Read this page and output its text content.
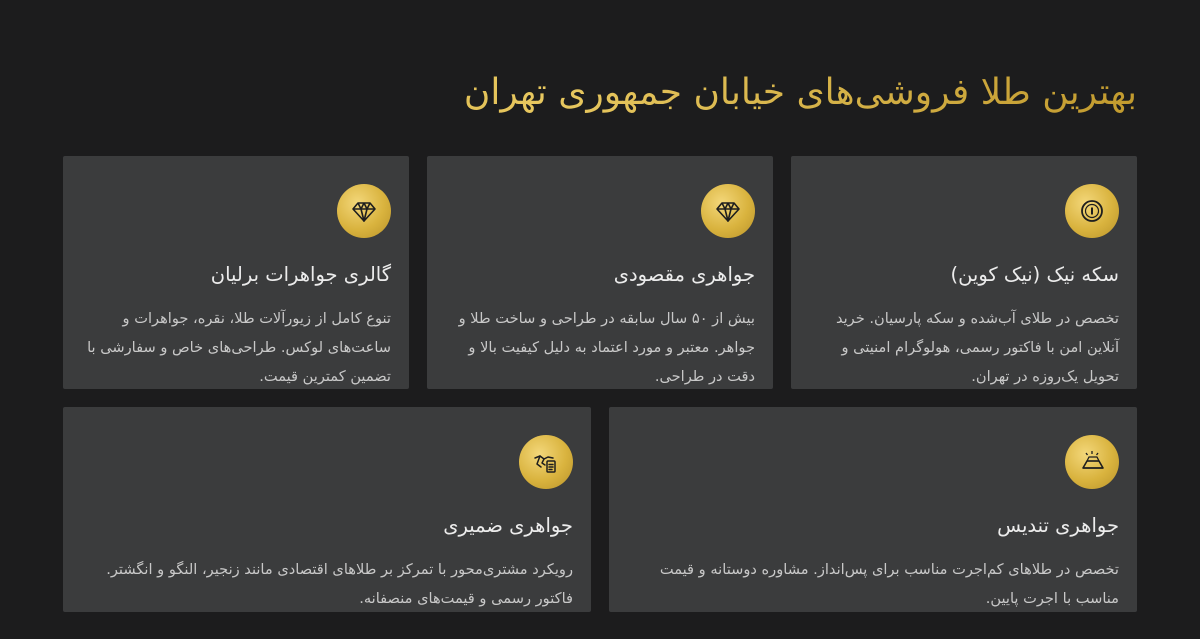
بهترین طلا فروشی‌های خیابان جمهوری تهران
سکه نیک (نیک کوین)

تخصص در طلای آب‌شده و سکه پارسیان. خرید آنلاین امن با فاکتور رسمی، هولوگرام امنیتی و تحویل یک‌روزه در تهران.

جواهری مقصودی

بیش از ۵۰ سال سابقه در طراحی و ساخت طلا و جواهر. معتبر و مورد اعتماد به دلیل کیفیت بالا و دقت در طراحی.

گالری جواهرات برلیان

تنوع کامل از زیورآلات طلا، نقره، جواهرات و ساعت‌های لوکس. طراحی‌های خاص و سفارشی با تضمین کمترین قیمت.

جواهری تندیس

تخصص در طلاهای کم‌اجرت مناسب برای پس‌انداز. مشاوره دوستانه و قیمت مناسب با اجرت پایین.

جواهری ضمیری

رویکرد مشتری‌محور با تمرکز بر طلاهای اقتصادی مانند زنجیر، النگو و انگشتر. فاکتور رسمی و قیمت‌های منصفانه.
